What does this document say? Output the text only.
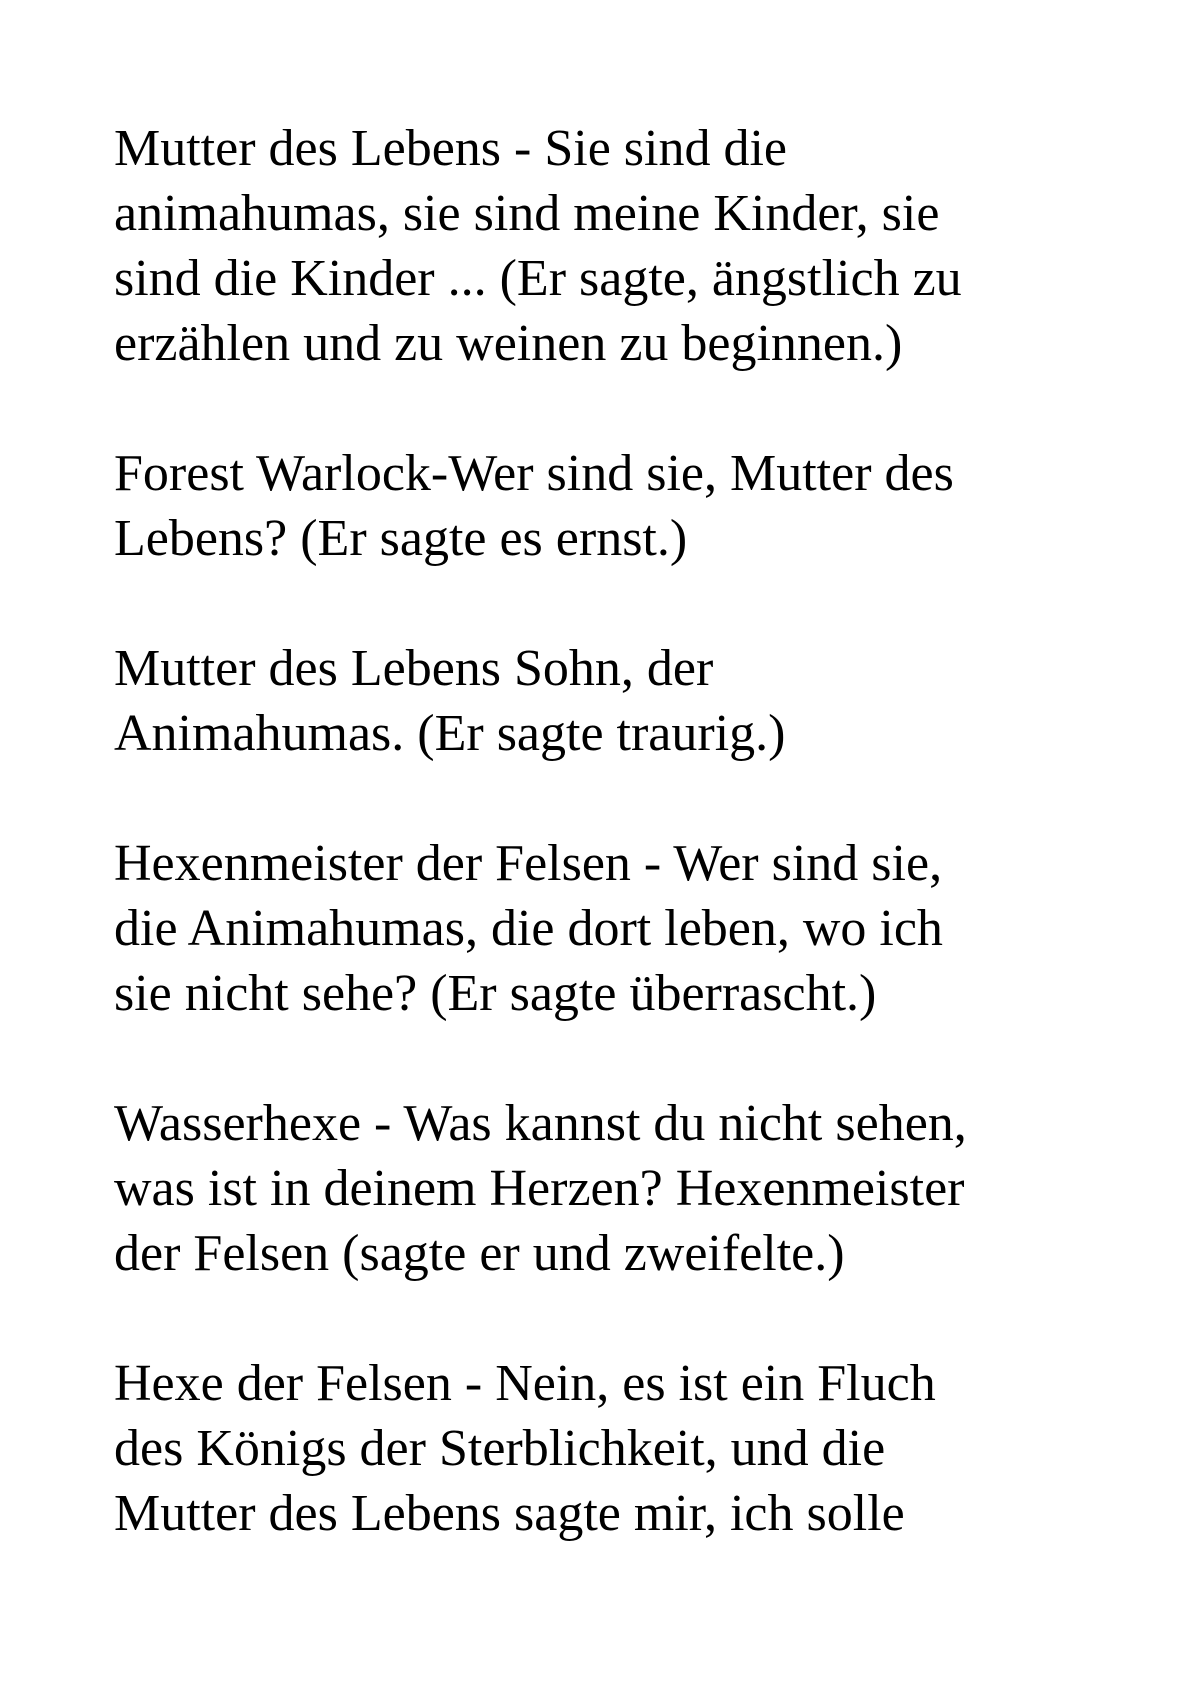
Mutter des Lebens - Sie sind die
animahumas, sie sind meine Kinder, sie
sind die Kinder ... (Er sagte, ängstlich zu
erzählen und zu weinen zu beginnen.)

Forest Warlock-Wer sind sie, Mutter des
Lebens? (Er sagte es ernst.)

Mutter des Lebens Sohn, der
Animahumas. (Er sagte traurig.)

Hexenmeister der Felsen - Wer sind sie,
die Animahumas, die dort leben, wo ich
sie nicht sehe? (Er sagte überrascht.)

Wasserhexe - Was kannst du nicht sehen,
was ist in deinem Herzen? Hexenmeister
der Felsen (sagte er und zweifelte.)

Hexe der Felsen - Nein, es ist ein Fluch
des Königs der Sterblichkeit, und die
Mutter des Lebens sagte mir, ich solle
